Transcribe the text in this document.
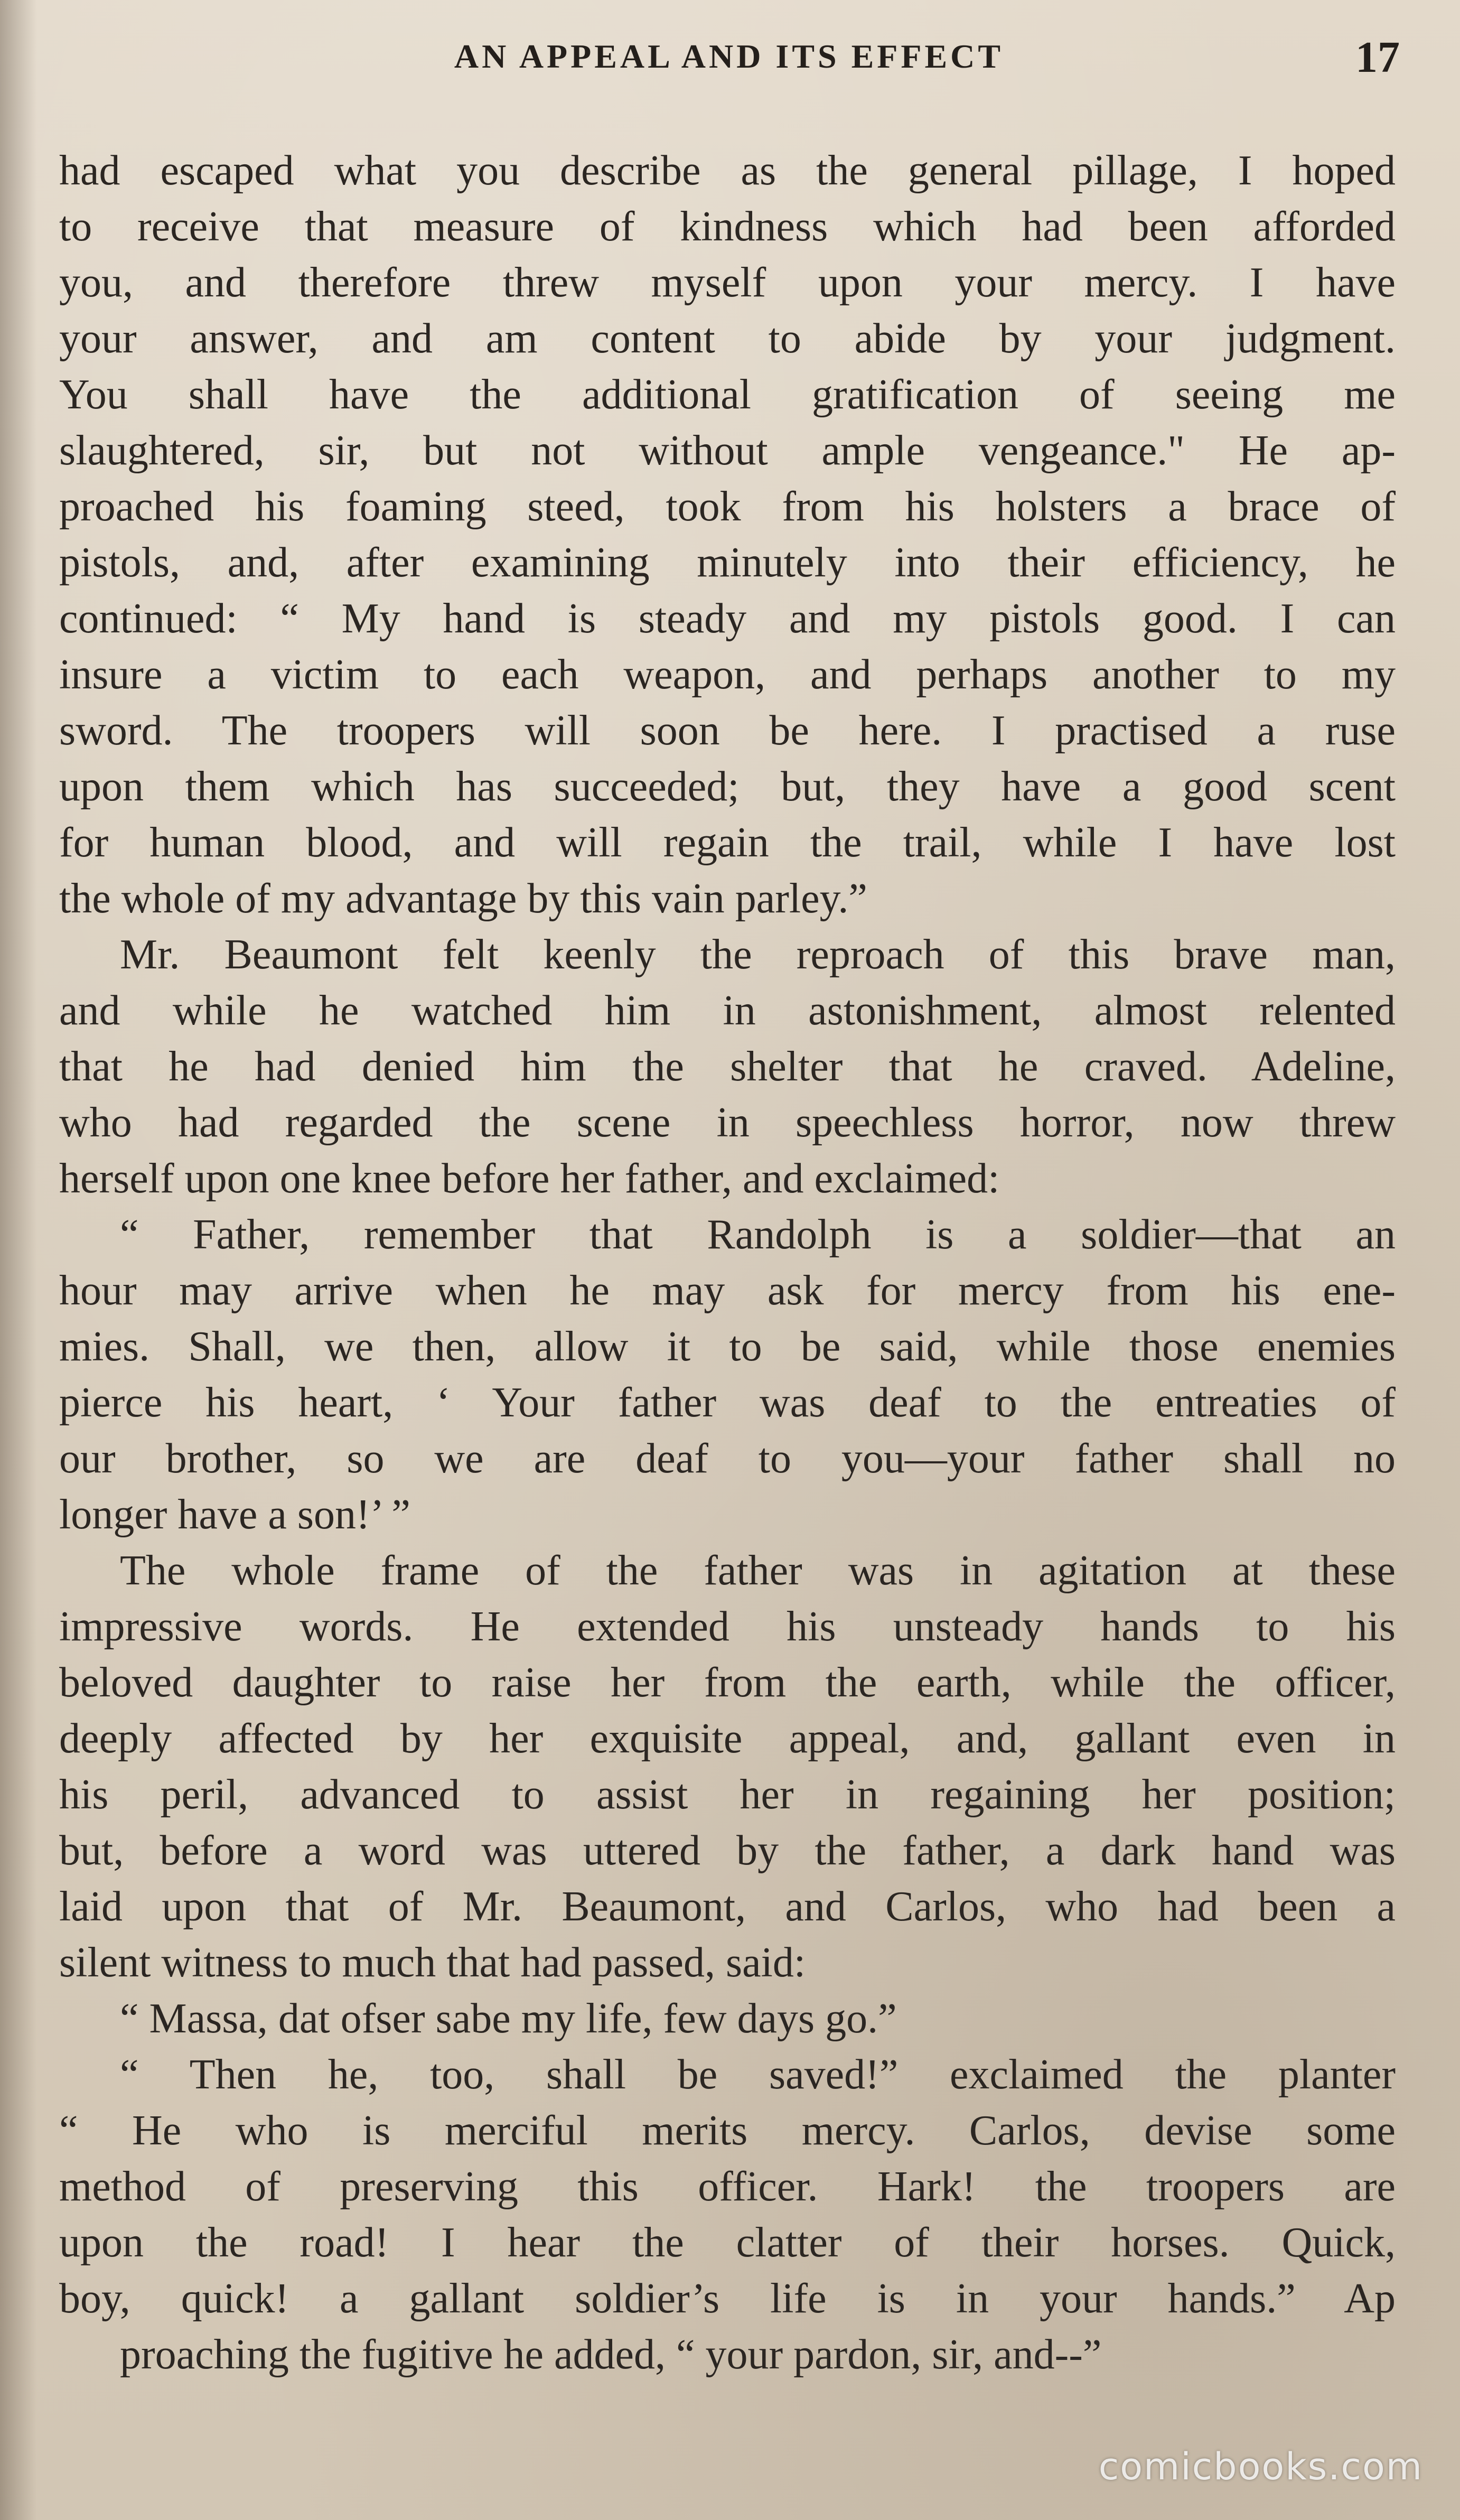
AN APPEAL AND ITS EFFECT	17
had escaped what you describe as the general pillage, I hoped
to receive that measure of kindness which had been afforded
you, and therefore threw myself upon your mercy. I have
your answer, and am content to abide by your judgment.
You shall have the additional gratification of seeing me
slaughtered, sir, but not without ample vengeance." He ap-
proached his foaming steed, took from his holsters a brace of
pistols, and, after examining minutely into their efficiency, he
continued: “ My hand is steady and my pistols good. I can
insure a victim to each weapon, and perhaps another to my
sword. The troopers will soon be here. I practised a ruse
upon them which has succeeded; but, they have a good scent
for human blood, and will regain the trail, while I have lost
the whole of my advantage by this vain parley.”
Mr. Beaumont felt keenly the reproach of this brave man,
and while he watched him in astonishment, almost relented
that he had denied him the shelter that he craved. Adeline,
who had regarded the scene in speechless horror, now threw
herself upon one knee before her father, and exclaimed:
“ Father, remember that Randolph is a soldier—that an
hour may arrive when he may ask for mercy from his ene-
mies. Shall, we then, allow it to be said, while those enemies
pierce his heart, ‘ Your father was deaf to the entreaties of
our brother, so we are deaf to you—your father shall no
longer have a son!’ ”
The whole frame of the father was in agitation at these
impressive words. He extended his unsteady hands to his
beloved daughter to raise her from the earth, while the officer,
deeply affected by her exquisite appeal, and, gallant even in
his peril, advanced to assist her in regaining her position;
but, before a word was uttered by the father, a dark hand was
laid upon that of Mr. Beaumont, and Carlos, who had been a
silent witness to much that had passed, said:
“ Massa, dat ofser sabe my life, few days go.”
“ Then he, too, shall be saved!” exclaimed the planter
“ He who is merciful merits mercy. Carlos, devise some
method of preserving this officer. Hark! the troopers are
upon the road! I hear the clatter of their horses. Quick,
boy, quick! a gallant soldier’s life is in your hands.” Ap
proaching the fugitive he added, “ your pardon, sir, and--”
comicbooks.com
